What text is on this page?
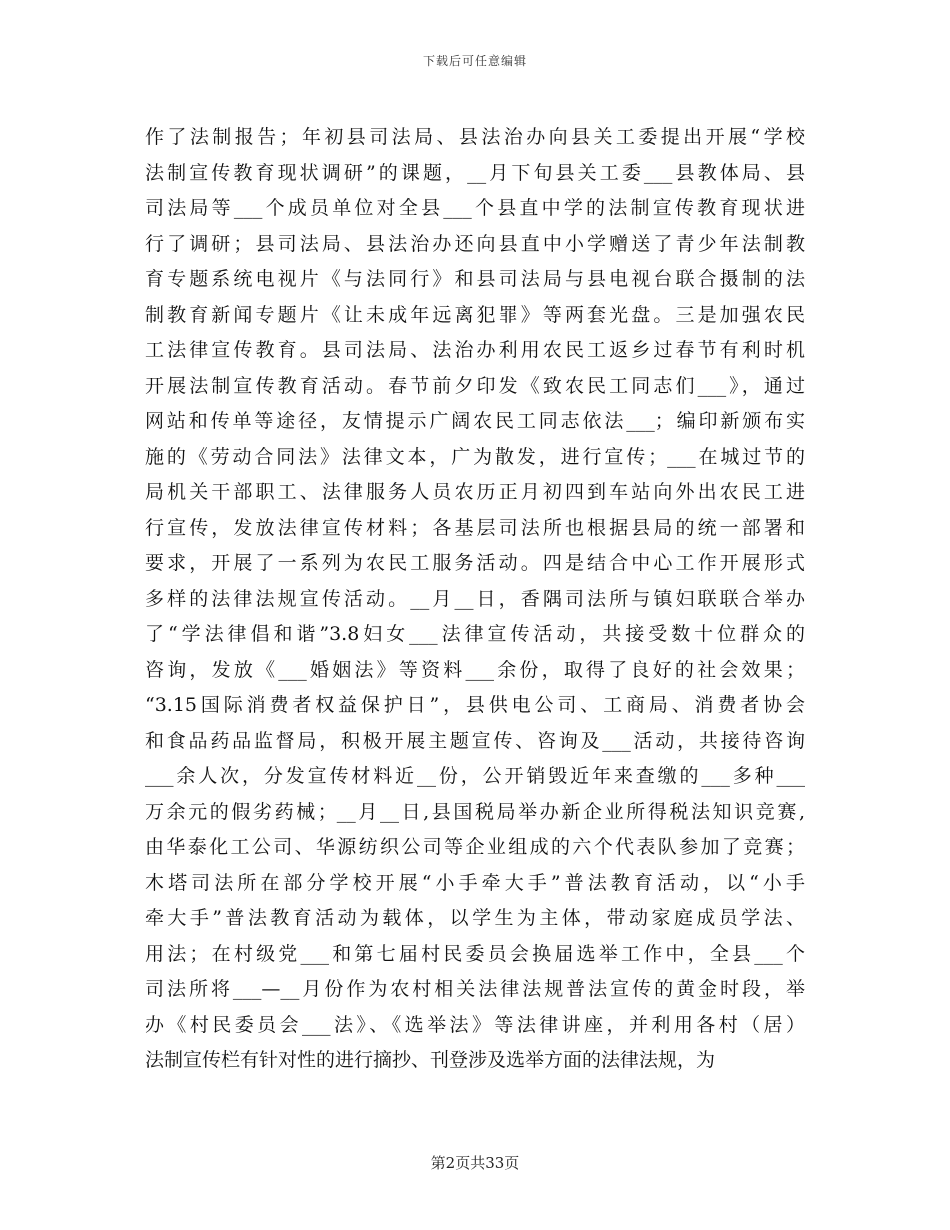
下载后可任意编辑
作了法制报告；年初县司法局、县法治办向县关工委提出开展“学校
法制宣传教育现状调研”的课题，__月下旬县关工委___县教体局、县
司法局等___个成员单位对全县___个县直中学的法制宣传教育现状进
行了调研；县司法局、县法治办还向县直中小学赠送了青少年法制教
育专题系统电视片《与法同行》和县司法局与县电视台联合摄制的法
制教育新闻专题片《让未成年远离犯罪》等两套光盘。三是加强农民
工法律宣传教育。县司法局、法治办利用农民工返乡过春节有利时机
开展法制宣传教育活动。春节前夕印发《致农民工同志们___》，通过
网站和传单等途径，友情提示广阔农民工同志依法___；编印新颁布实
施的《劳动合同法》法律文本，广为散发，进行宣传；___在城过节的
局机关干部职工、法律服务人员农历正月初四到车站向外出农民工进
行宣传，发放法律宣传材料；各基层司法所也根据县局的统一部署和
要求，开展了一系列为农民工服务活动。四是结合中心工作开展形式
多样的法律法规宣传活动。__月__日，香隅司法所与镇妇联联合举办
了“学法律倡和谐”3.8妇女___法律宣传活动，共接受数十位群众的
咨询，发放《___婚姻法》等资料___余份，取得了良好的社会效果；
“3.15国际消费者权益保护日”，县供电公司、工商局、消费者协会
和食品药品监督局，积极开展主题宣传、咨询及___活动，共接待咨询
___余人次，分发宣传材料近__份，公开销毁近年来查缴的___多种___
万余元的假劣药械；__月__日,县国税局举办新企业所得税法知识竞赛,
由华泰化工公司、华源纺织公司等企业组成的六个代表队参加了竞赛；
木塔司法所在部分学校开展“小手牵大手”普法教育活动，以“小手
牵大手”普法教育活动为载体，以学生为主体，带动家庭成员学法、
用法；在村级党___和第七届村民委员会换届选举工作中，全县___个
司法所将___—__月份作为农村相关法律法规普法宣传的黄金时段，举
办《村民委员会___法》、《选举法》等法律讲座，并利用各村（居）
法制宣传栏有针对性的进行摘抄、刊登涉及选举方面的法律法规，为
第2页共33页
